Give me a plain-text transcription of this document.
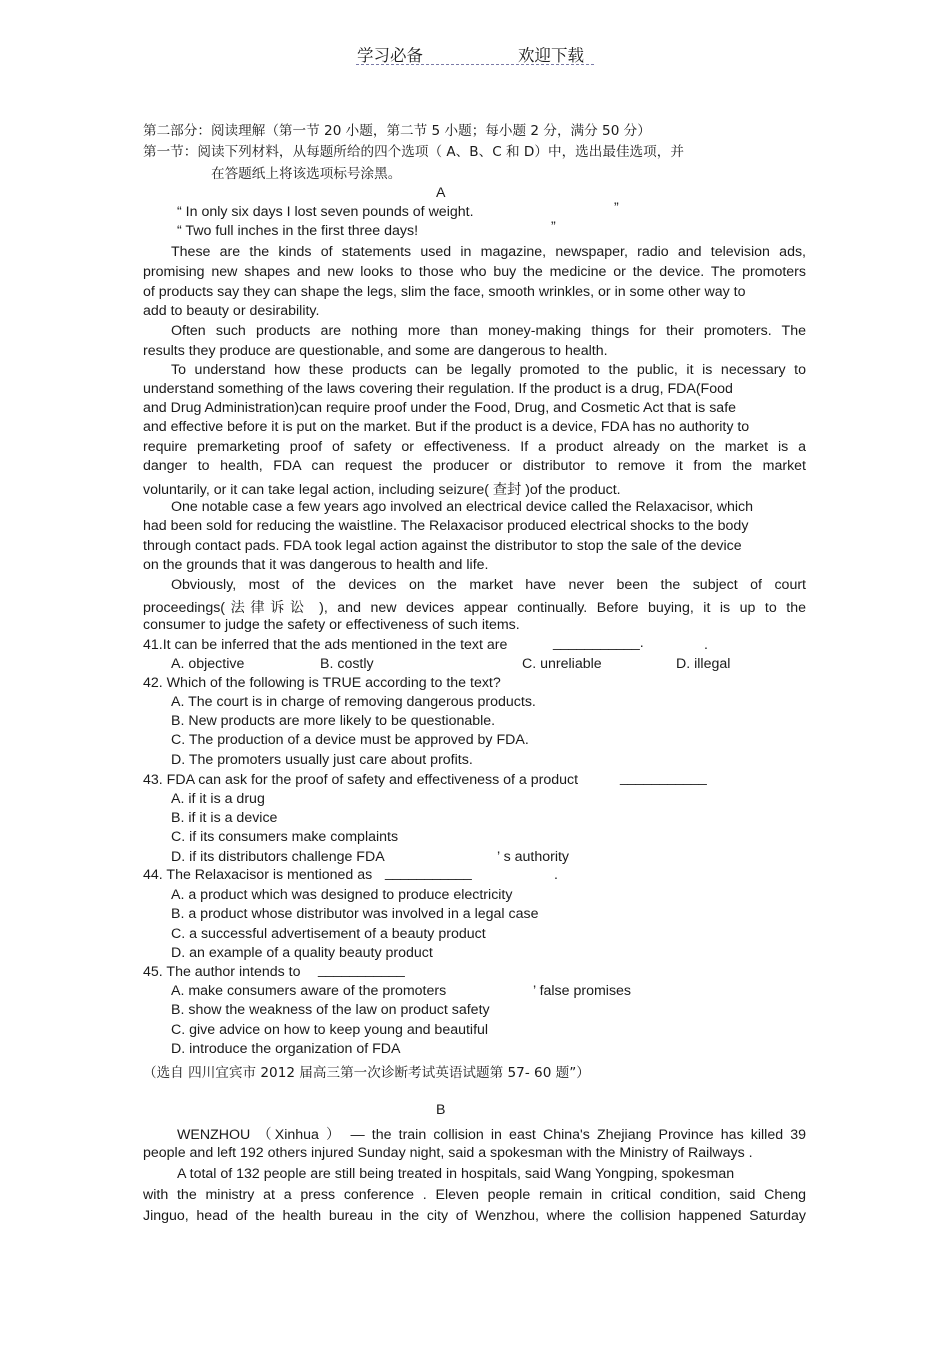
学习必备	欢迎下载
第二部分：阅读理解（第一节 20 小题，第二节 5 小题；每小题 2 分，满分 50 分）
第一节：阅读下列材料，从每题所给的四个选项（ A、B、C 和 D）中，选出最佳选项，并
在答题纸上将该选项标号涂黑。
A
“ In only six days I lost seven pounds of weight.	”
“ Two full inches in the first three days!	”
These are the kinds of statements used in magazine, newspaper, radio and television ads,
promising new shapes and new looks to those who buy the medicine or the device. The promoters
of products say they can shape the legs, slim the face, smooth wrinkles, or in some other way to
add to beauty or desirability.
Often such products are nothing more than money-making things for their promoters. The
results they produce are questionable, and some are dangerous to health.
To understand how these products can be legally promoted to the public, it is necessary to
understand something of the laws covering their regulation. If the product is a drug, FDA(Food
and Drug Administration)can require proof under the Food, Drug, and Cosmetic Act that is safe
and effective before it is put on the market. But if the product is a device, FDA has no authority to
require premarketing proof of safety or effectiveness. If a product already on the market is a
danger to health, FDA can request the producer or distributor to remove it from the market
voluntarily, or it can take legal action, including seizure( 查封 )of the product.
One notable case a few years ago involved an electrical device called the Relaxacisor, which
had been sold for reducing the waistline. The Relaxacisor produced electrical shocks to the body
through contact pads. FDA took legal action against the distributor to stop the sale of the device
on the grounds that it was dangerous to health and life.
Obviously, most of the devices on the market have never been the subject of court
proceedings(法律诉讼 ), and new devices appear continually. Before buying, it is up to the
consumer to judge the safety or effectiveness of such items.
41.It can be inferred that the ads mentioned in the text are	___________.	.
A. objective	B. costly	C. unreliable	D. illegal
42. Which of the following is TRUE according to the text?
A. The court is in charge of removing dangerous products.
B. New products are more likely to be questionable.
C. The production of a device must be approved by FDA.
D. The promoters usually just care about profits.
43. FDA can ask for the proof of safety and effectiveness of a product	___________
A. if it is a drug
B. if it is a device
C. if its consumers make complaints
D. if its distributors challenge FDA	’ s authority
44. The Relaxacisor is mentioned as ___________	.
A. a product which was designed to produce electricity
B. a product whose distributor was involved in a legal case
C. a successful advertisement of a beauty product
D. an example of a quality beauty product
45. The author intends to ___________
A. make consumers aware of the promoters
B. show the weakness of the law on product safety
C. give advice on how to keep young and beautiful
D. introduce the organization of FDA
’ false promises
（选自 四川宜宾市 2012 届高三第一次诊断考试英语试题第 57- 60 题”）
B
WENZHOU （Xinhua ） — the train collision in east China's Zhejiang Province has killed 39
people and left 192 others injured Sunday night, said a spokesman with the Ministry of Railways .
A total of 132 people are still being treated in hospitals, said Wang Yongping, spokesman
with the ministry at a press conference . Eleven people remain in critical condition, said Cheng
Jinguo, head of the health bureau in the city of Wenzhou, where the collision happened Saturday
